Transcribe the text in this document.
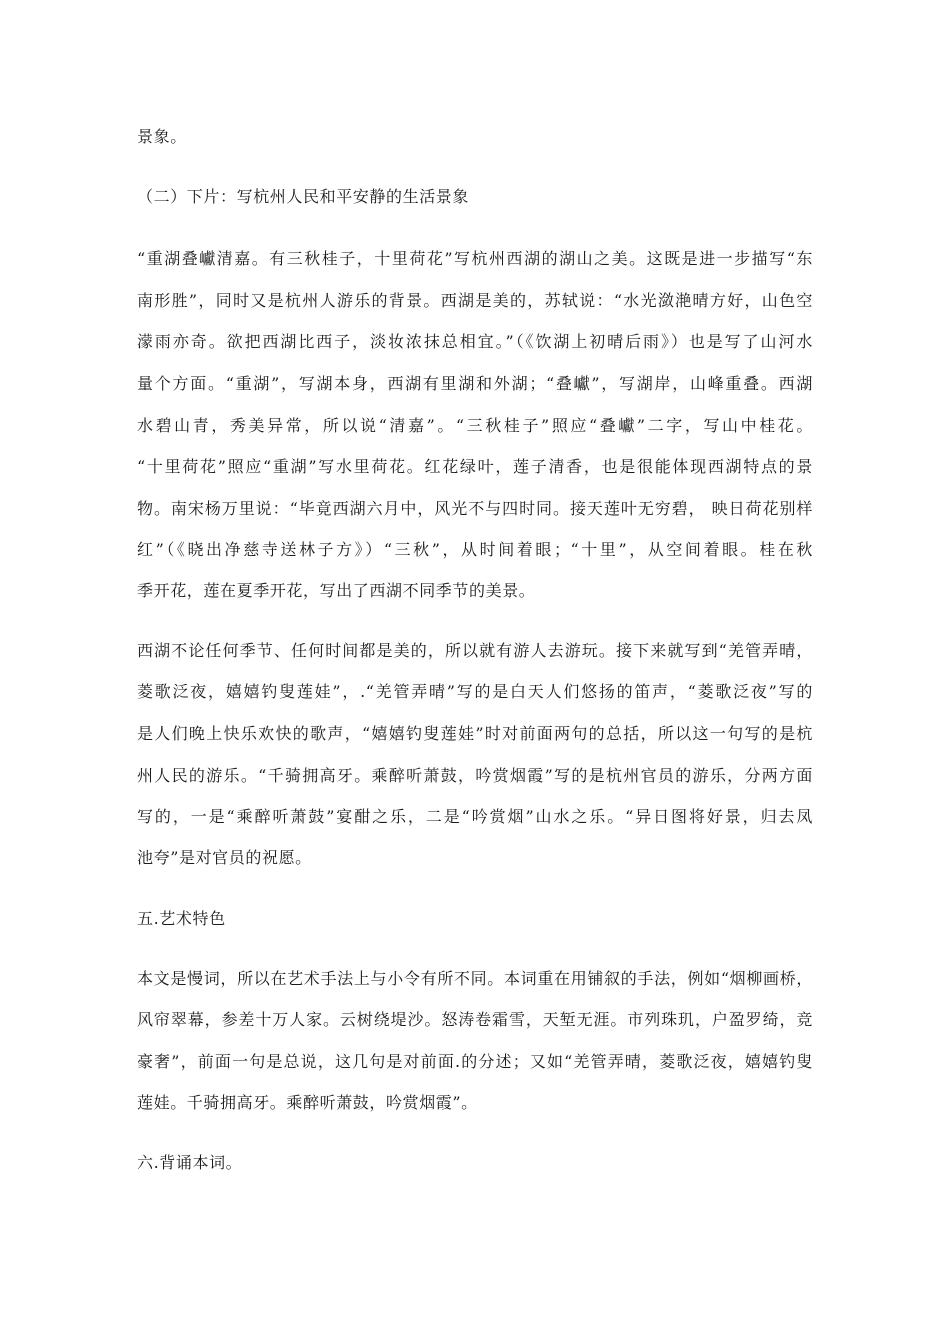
景象。
（二）下片：写杭州人民和平安静的生活景象
“重湖叠巘清嘉。有三秋桂子，十里荷花”写杭州西湖的湖山之美。这既是进一步描写“东
南形胜”，同时又是杭州人游乐的背景。西湖是美的，苏轼说：“水光潋滟晴方好，山色空
濛雨亦奇。欲把西湖比西子，淡妆浓抹总相宜。”（《饮湖上初晴后雨》）也是写了山河水
量个方面。“重湖”，写湖本身，西湖有里湖和外湖；“叠巘”，写湖岸，山峰重叠。西湖
水碧山青，秀美异常，所以说“清嘉”。“三秋桂子”照应“叠巘”二字，写山中桂花。
“十里荷花”照应“重湖”写水里荷花。红花绿叶，莲子清香，也是很能体现西湖特点的景
物。南宋杨万里说：“毕竟西湖六月中，风光不与四时同。接天莲叶无穷碧， 映日荷花别样
红”（《晓出净慈寺送林子方》）“三秋”，从时间着眼；“十里”，从空间着眼。桂在秋
季开花，莲在夏季开花，写出了西湖不同季节的美景。
西湖不论任何季节、任何时间都是美的，所以就有游人去游玩。接下来就写到“羌管弄晴，
菱歌泛夜，嬉嬉钓叟莲娃”，.“羌管弄晴”写的是白天人们悠扬的笛声，“菱歌泛夜”写的
是人们晚上快乐欢快的歌声，“嬉嬉钓叟莲娃”时对前面两句的总括，所以这一句写的是杭
州人民的游乐。“千骑拥高牙。乘醉听萧鼓，吟赏烟霞”写的是杭州官员的游乐，分两方面
写的，一是“乘醉听萧鼓”宴酣之乐，二是“吟赏烟”山水之乐。“异日图将好景，归去凤
池夸”是对官员的祝愿。
五.艺术特色
本文是慢词，所以在艺术手法上与小令有所不同。本词重在用铺叙的手法，例如“烟柳画桥，
风帘翠幕，参差十万人家。云树绕堤沙。怒涛卷霜雪，天堑无涯。市列珠玑，户盈罗绮，竞
豪奢”，前面一句是总说，这几句是对前面.的分述；又如“羌管弄晴，菱歌泛夜，嬉嬉钓叟
莲娃。千骑拥高牙。乘醉听萧鼓，吟赏烟霞”。
六.背诵本词。
